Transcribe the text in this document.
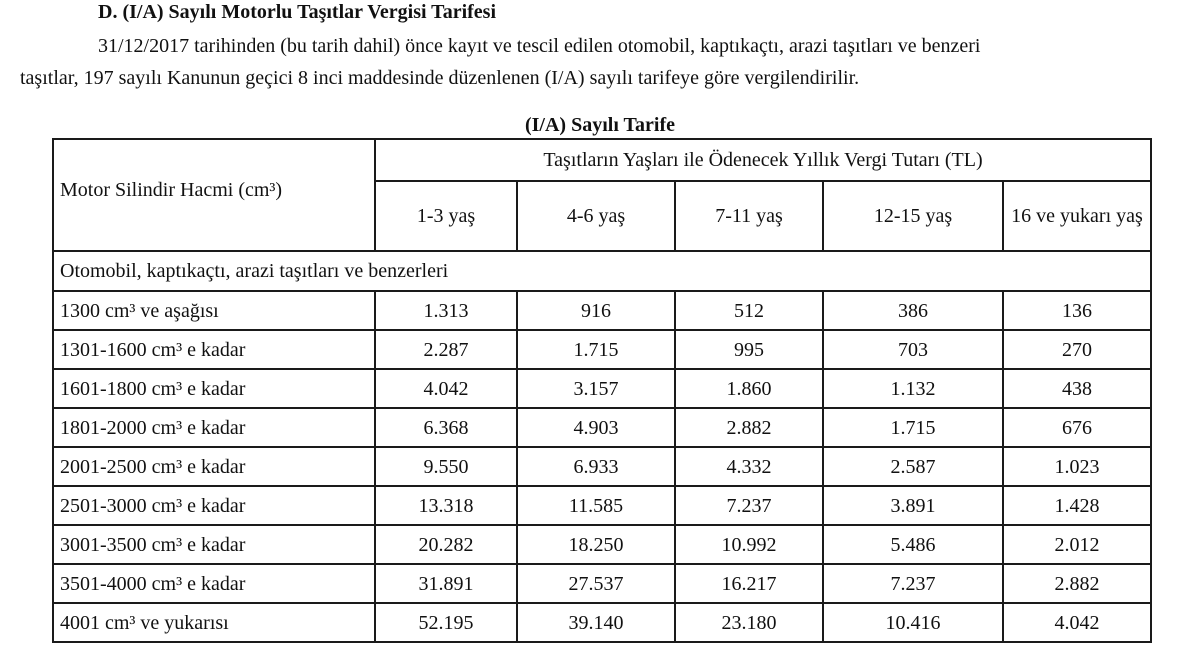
D. (I/A) Sayılı Motorlu Taşıtlar Vergisi Tarifesi
31/12/2017 tarihinden (bu tarih dahil) önce kayıt ve tescil edilen otomobil, kaptıkaçtı, arazi taşıtları ve benzeri
taşıtlar, 197 sayılı Kanunun geçici 8 inci maddesinde düzenlenen (I/A) sayılı tarifeye göre vergilendirilir.
(I/A) Sayılı Tarife
Motor Silindir Hacmi (cm³)	Taşıtların Yaşları ile Ödenecek Yıllık Vergi Tutarı (TL)				
	1-3 yaş	4-6 yaş	7-11 yaş	12-15 yaş	16 ve yukarı yaş
Otomobil, kaptıkaçtı, arazi taşıtları ve benzerleri					
1300 cm³ ve aşağısı	1.313	916	512	386	136
1301-1600 cm³ e kadar	2.287	1.715	995	703	270
1601-1800 cm³ e kadar	4.042	3.157	1.860	1.132	438
1801-2000 cm³ e kadar	6.368	4.903	2.882	1.715	676
2001-2500 cm³ e kadar	9.550	6.933	4.332	2.587	1.023
2501-3000 cm³ e kadar	13.318	11.585	7.237	3.891	1.428
3001-3500 cm³ e kadar	20.282	18.250	10.992	5.486	2.012
3501-4000 cm³ e kadar	31.891	27.537	16.217	7.237	2.882
4001 cm³ ve yukarısı	52.195	39.140	23.180	10.416	4.042
